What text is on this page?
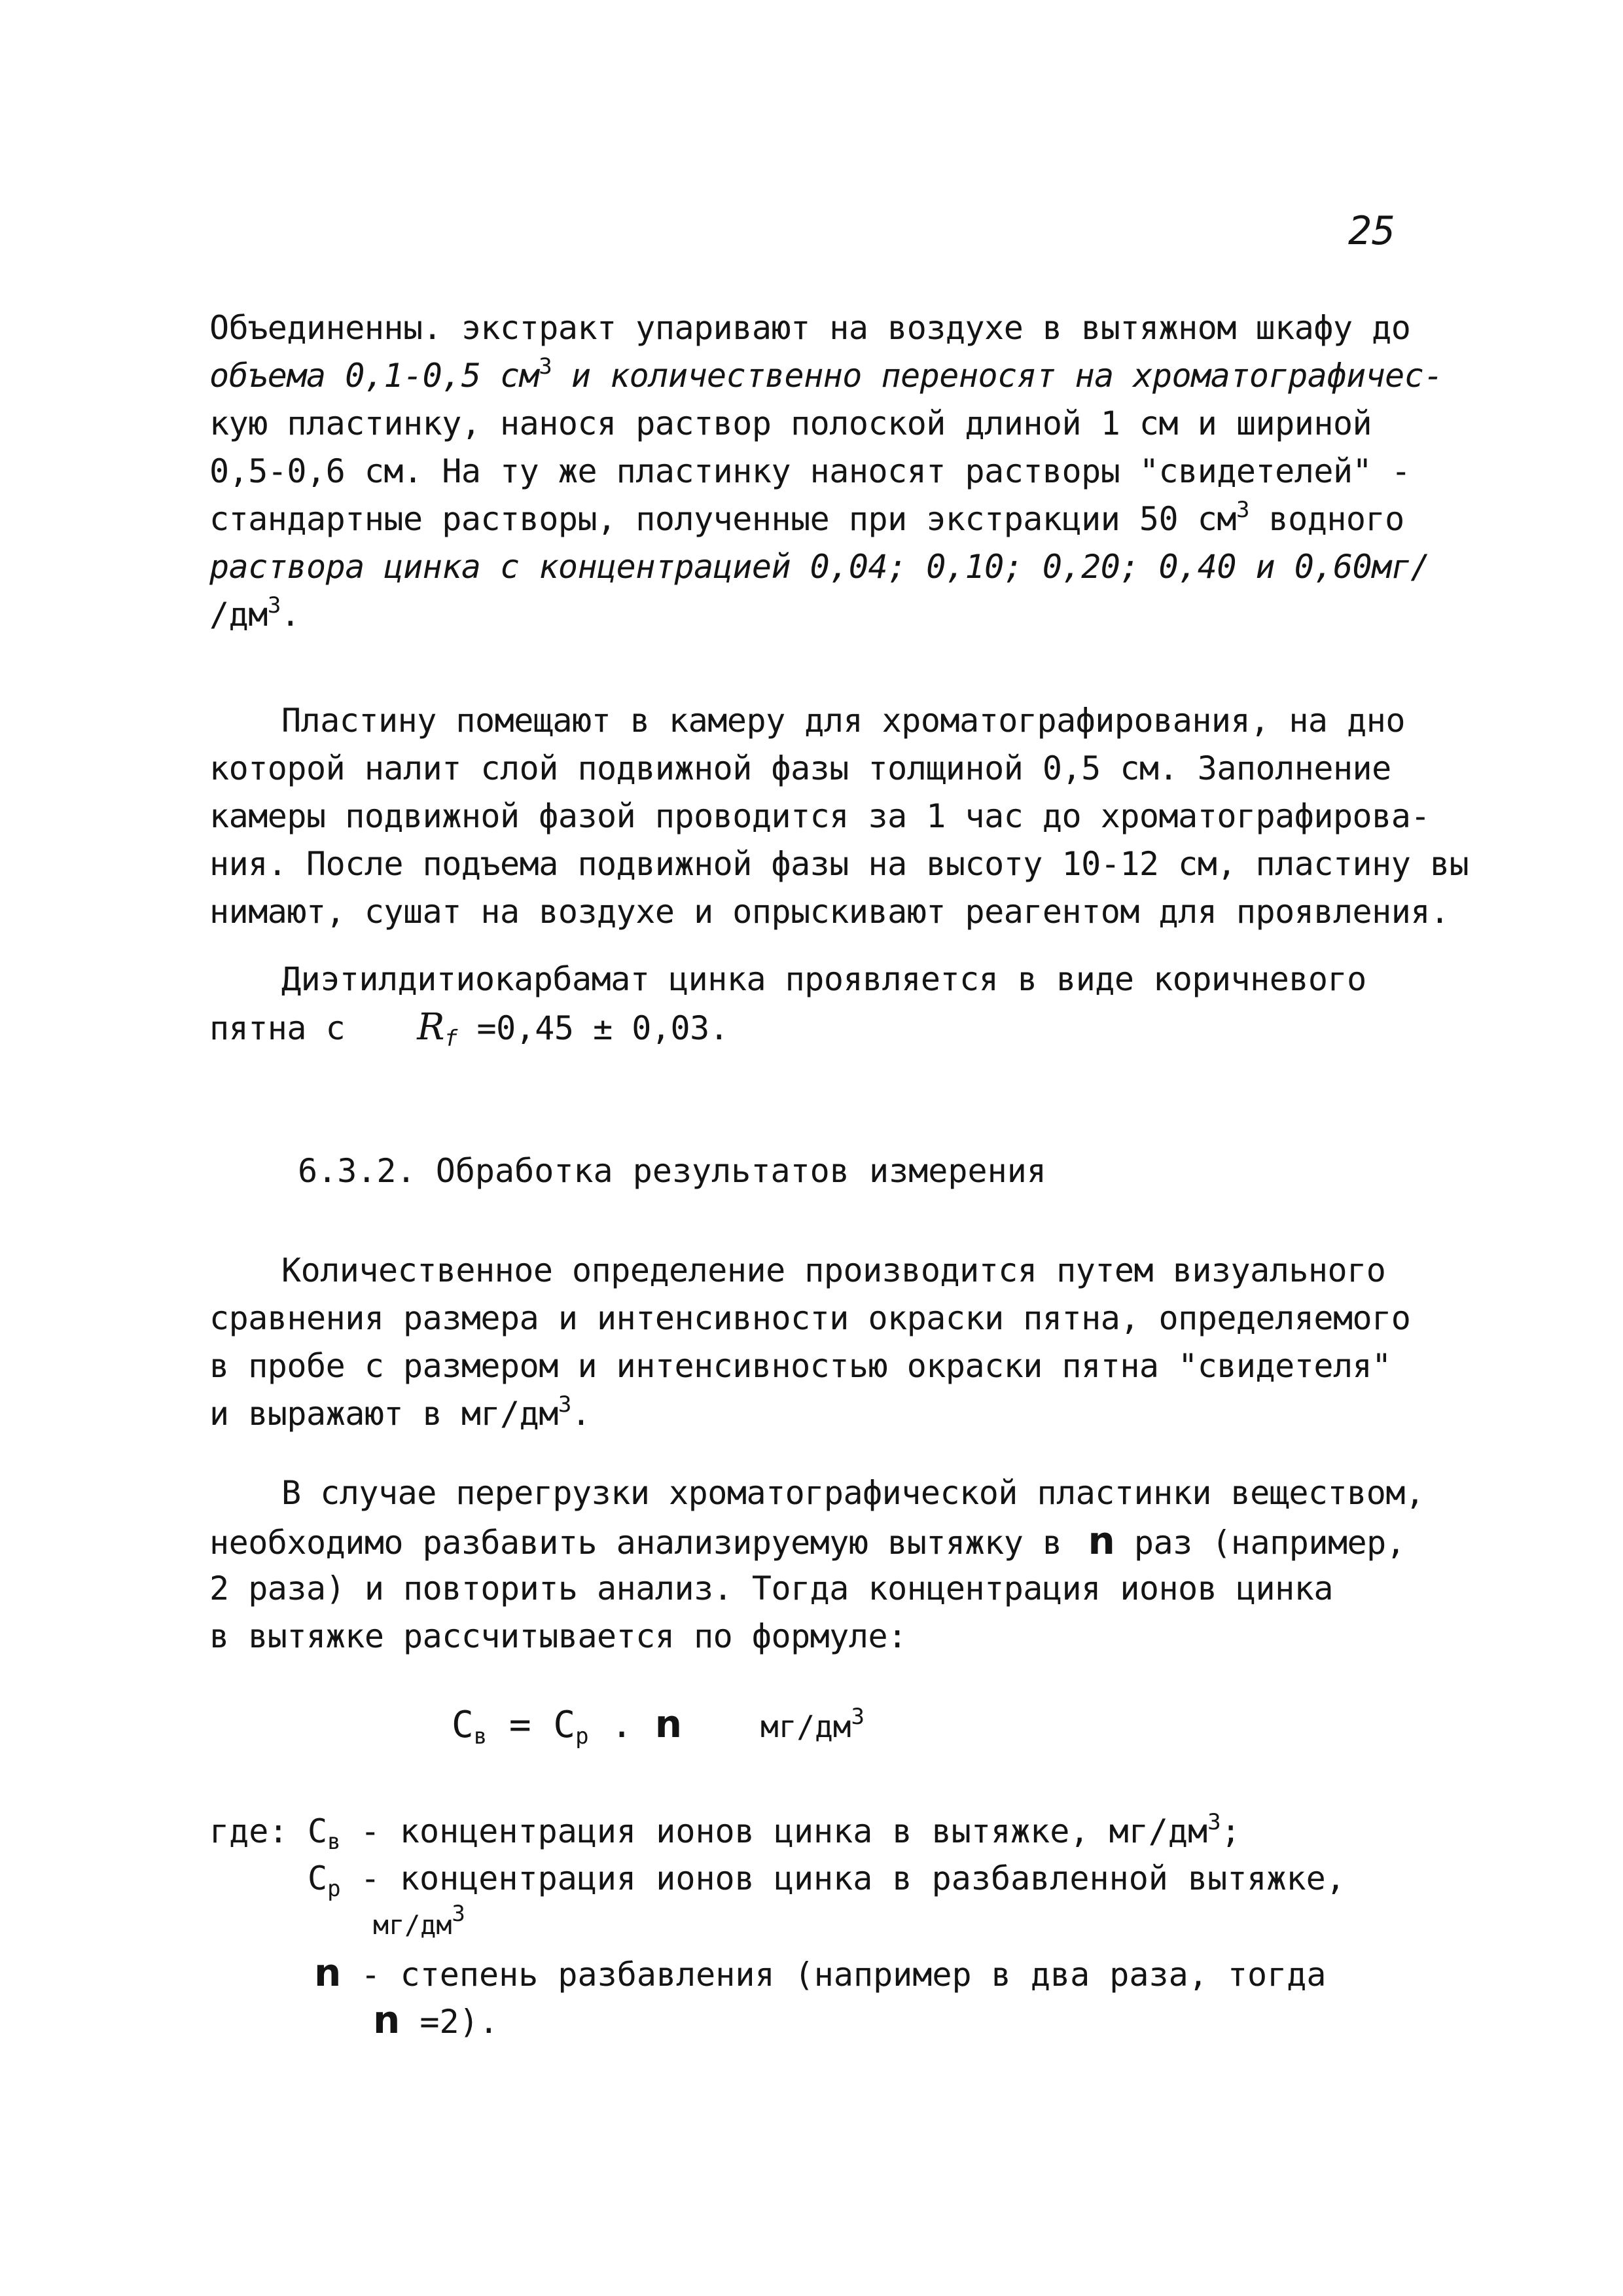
25
Объединенны. экстракт упаривают на воздухе в вытяжном шкафу до
объема 0,1-0,5 $см^3$ и количественно переносят на хроматографичес-
кую пластинку, нанося раствор полоской длиной 1 см и шириной
0,5-0,6 см. На ту же пластинку наносят растворы "свидетелей" -
стандартные растворы, полученные при экстракции 50 $см^3$ водного
раствора цинка с концентрацией 0,04; 0,10; 0,20; 0,40 и 0,60мг/
$/дм^3$.
Пластину помещают в камеру для хроматографирования, на дно
которой налит слой подвижной фазы толщиной 0,5 см. Заполнение
камеры подвижной фазой проводится за 1 час до хроматографирова-
ния. После подъема подвижной фазы на высоту 10-12 см, пластину вы
нимают, сушат на воздухе и опрыскивают реагентом для проявления.
Диэтилдитиокарбамат цинка проявляется в виде коричневого
пятна с $R_f =0,45 \pm 0,03$.
6.3.2. Обработка результатов измерения
Количественное определение производится путем визуального
сравнения размера и интенсивности окраски пятна, определяемого
в пробе с размером и интенсивностью окраски пятна "свидетеля"
и выражают в $мг/дм^3$.
В случае перегрузки хроматографической пластинки веществом,
необходимо разбавить анализируемую вытяжку в n раз (например,
2 раза) и повторить анализ. Тогда концентрация ионов цинка
в вытяжке рассчитывается по формуле:
$С_в = С_р$ . n	$мг/дм^3$
где: $С_в$ - концентрация ионов цинка в вытяжке, $мг/дм^3$;
$С_р$ - концентрация ионов цинка в разбавленной вытяжке,
$мг/дм^3$
n - степень разбавления (например в два раза, тогда
n =2).
